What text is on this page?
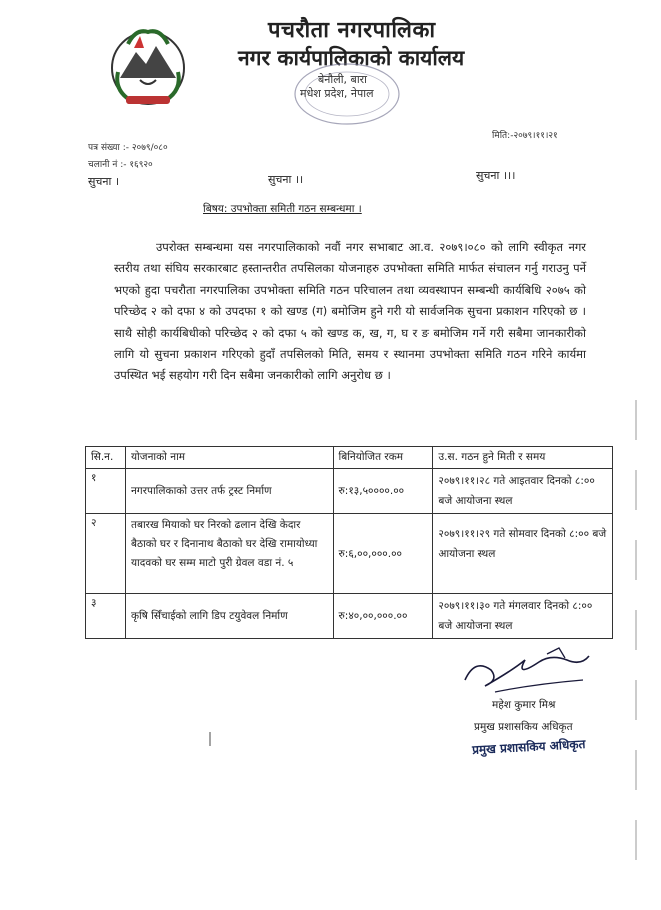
पचरौता नगरपालिका
नगर कार्यपालिकाको कार्यालय
बेनौली, बारा
मधेश प्रदेश, नेपाल
मिति:-२०७९।११।२१
पत्र संख्या :- २०७९/०८०
चलानी नं :- १६९२०
सुचना ।	सुचना ।।	सुचना ।।।
बिषय: उपभोक्ता समिती गठन सम्बन्धमा ।
उपरोक्त सम्बन्धमा यस नगरपालिकाको नवौं नगर सभाबाट आ.व. २०७९।०८० को लागि स्वीकृत नगर स्तरीय तथा संघिय सरकारबाट हस्तान्तरीत तपसिलका योजनाहरु उपभोक्ता समिति मार्फत संचालन गर्नु गराउनु पर्ने भएको हुदा पचरौता नगरपालिका उपभोक्ता समिति गठन परिचालन तथा व्यवस्थापन सम्बन्धी कार्यबिधि २०७५ को परिच्छेद २ को दफा ४ को उपदफा १ को खण्ड (ग) बमोजिम हुने गरी यो सार्वजनिक सुचना प्रकाशन गरिएको छ । साथै सोही कार्यबिधीको परिच्छेद २ को दफा ५ को खण्ड क, ख, ग, घ र ङ बमोजिम गर्ने गरी सबैमा जानकारीको लागि यो सुचना प्रकाशन गरिएको हुदाँ तपसिलको मिति, समय र स्थानमा उपभोक्ता समिति गठन गरिने कार्यमा उपस्थित भई सहयोग गरी दिन सबैमा जनकारीको लागि अनुरोध छ ।
सि.न.	योजनाको नाम	बिनियोजित रकम	उ.स. गठन हुने मिती र समय
१	नगरपालिकाको उत्तर तर्फ ट्रस्ट निर्माण	रु:१३,५००००.००	२०७९।११।२८ गते आइतवार दिनको ८:०० बजे आयोजना स्थल
२	तबारख मियाको घर निरको ढलान देखि केदार बैठाको घर र दिनानाथ बैठाको घर देखि रामायोध्या यादवको घर सम्म माटो पुरी ग्रेवल वडा नं. ५	रु:६,००,०००.००	२०७९।११।२९ गते सोमवार दिनको ८:०० बजे आयोजना स्थल
३	कृषि सिँचाईको लागि डिप टयुवेवल निर्माण	रु:४०,००,०००.००	२०७९।११।३० गते मंगलवार दिनको ८:०० बजे आयोजना स्थल
महेश कुमार मिश्र
प्रमुख प्रशासकिय अधिकृत
प्रमुख प्रशासकिय अधिकृत
